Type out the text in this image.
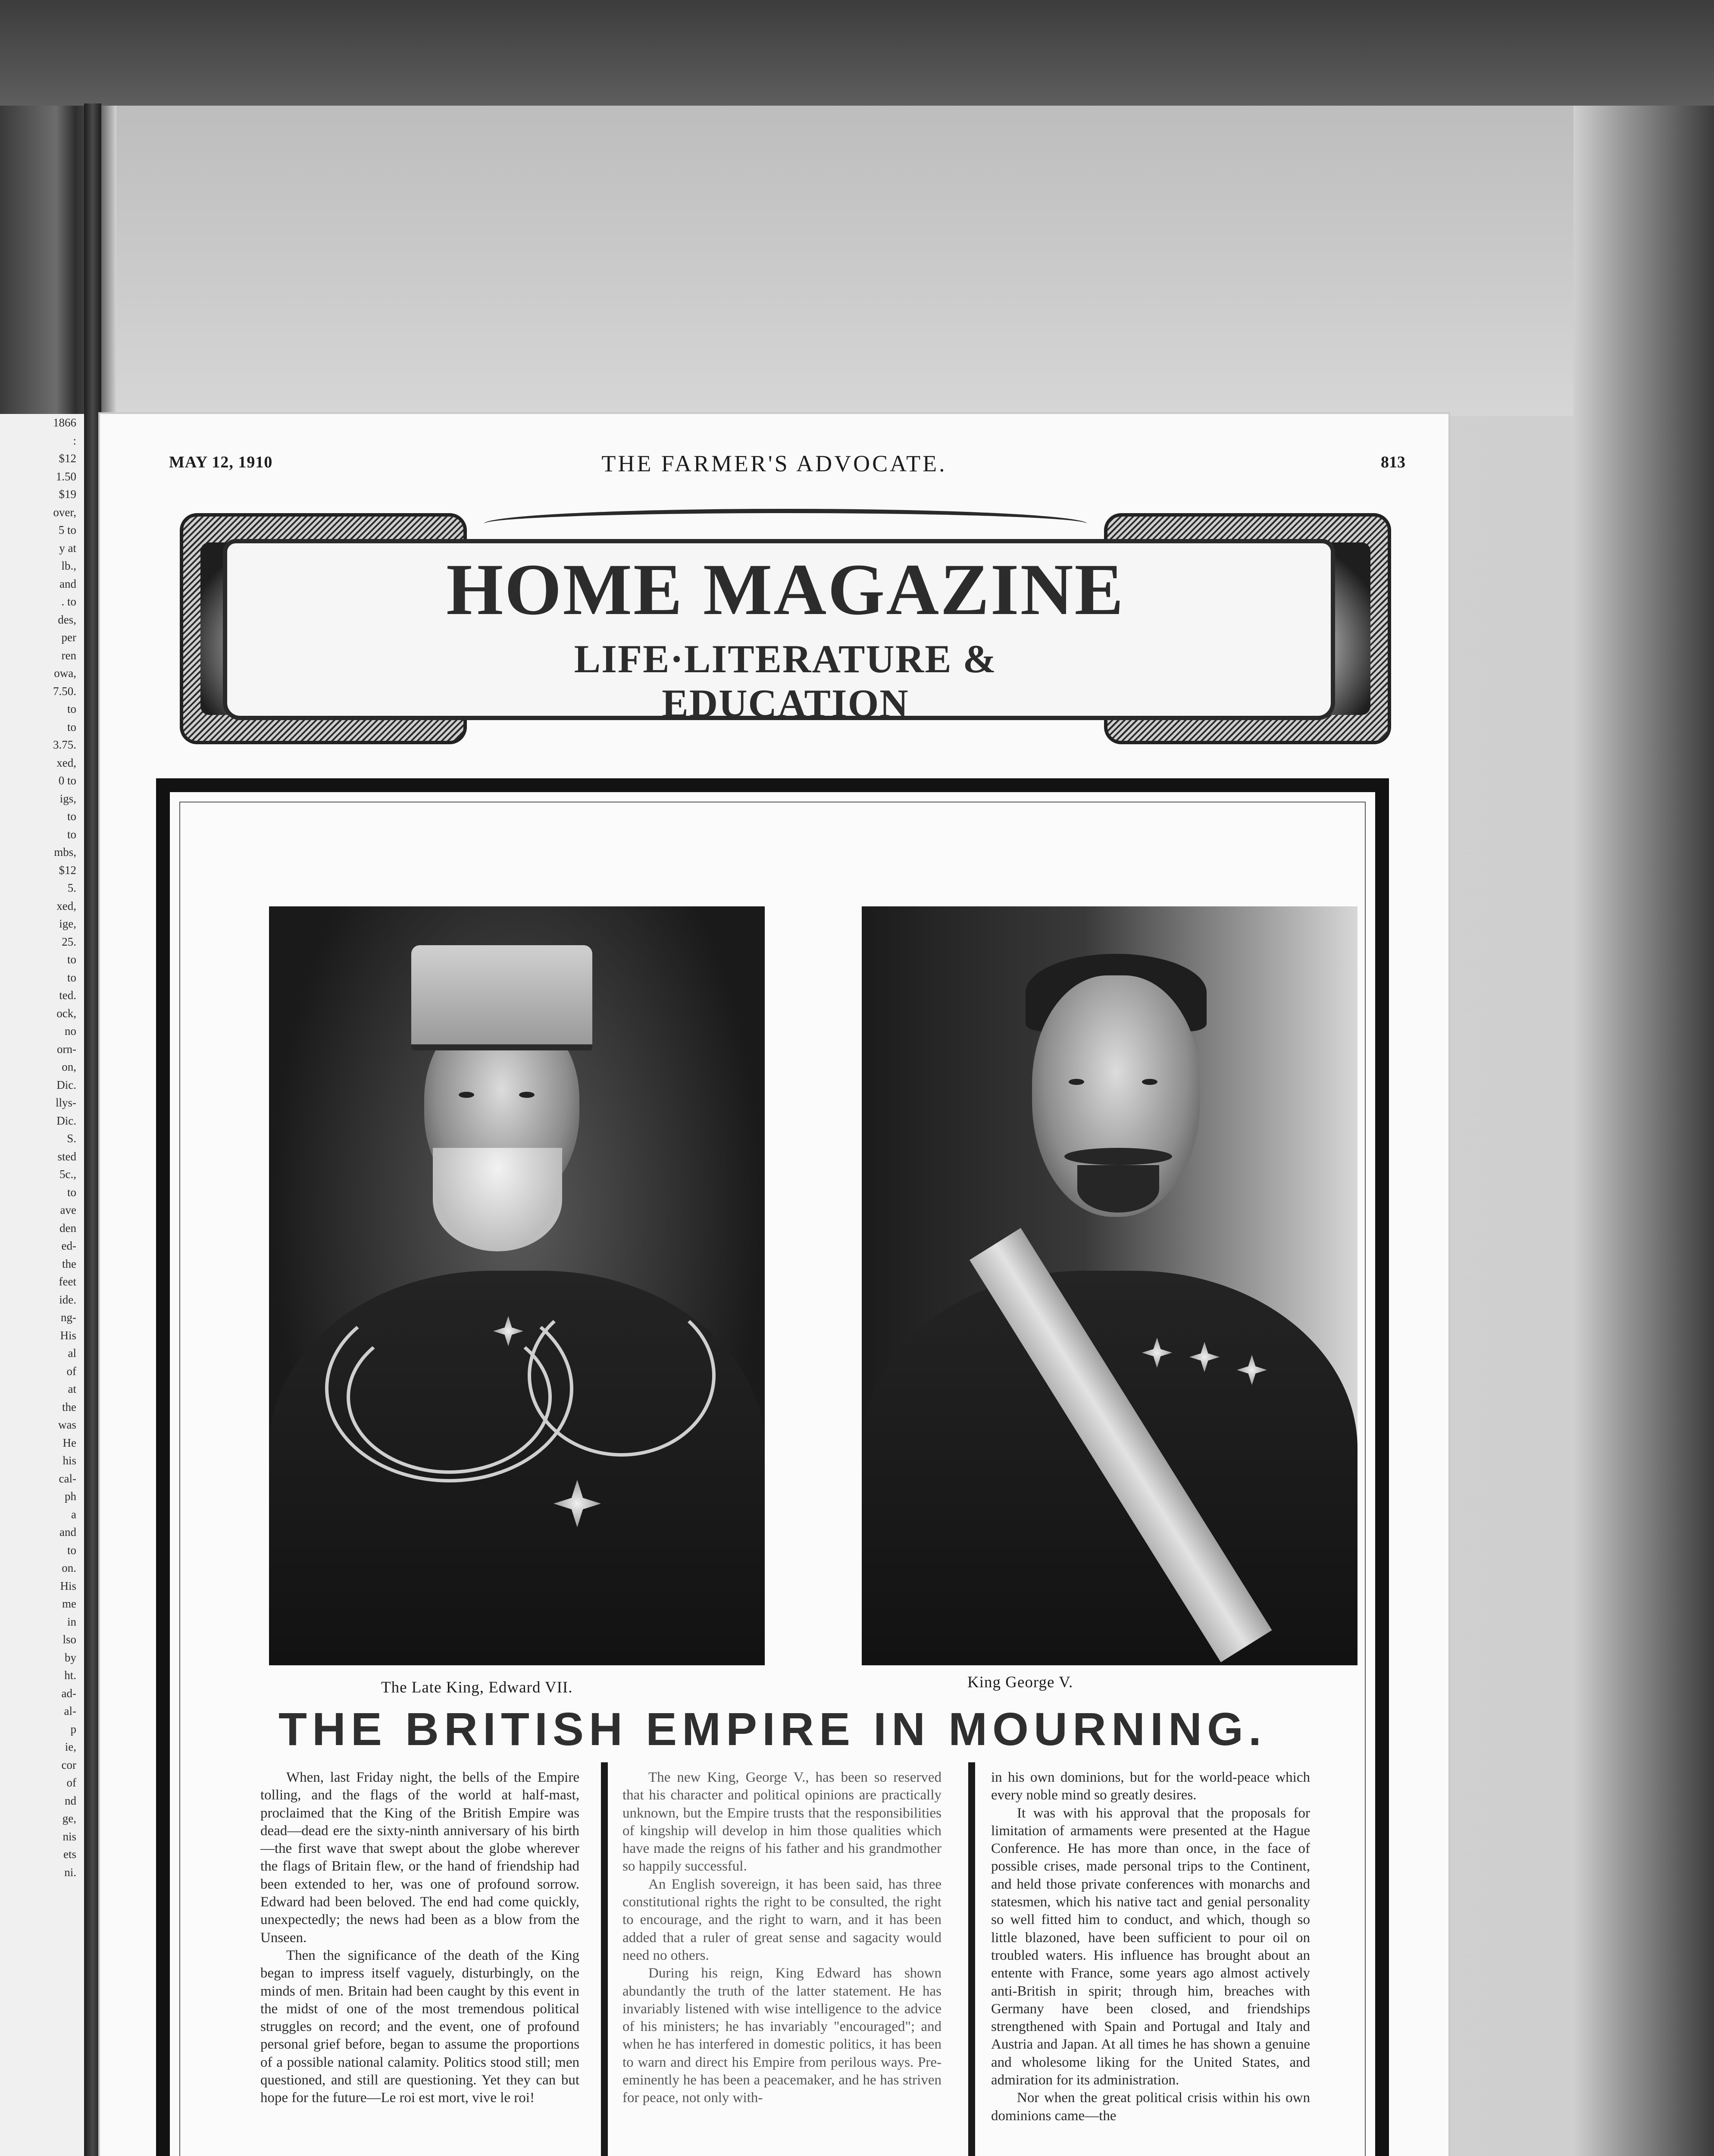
1866
:
$12
1.50
$19
over,
5 to
y at
lb.,
and
. to
des,
per
ren
owa,
7.50.
to
to
3.75.
xed,
0 to
igs,
to
to
mbs,
$12
5.
xed,
ige,
25.
to
to
ted.
ock,
no
orn-
on,
Dic.
llys-
Dic.
S.
sted
5c.,
to
ave
den
ed-
the
feet
ide.
ng-
His
al
of
at
the
was
He
his
cal-
ph
a
and
to
on.
His
me
in
lso
by
ht.
ad-
al-
p
ie,
cor
of
nd
ge,
nis
ets
ni.
MAY 12, 1910	THE FARMER'S ADVOCATE.	813
HOME MAGAZINE
LIFE·LITERATURE &
EDUCATION
The Late King, Edward VII.	King George V.
THE BRITISH EMPIRE IN MOURNING.

When, last Friday night, the bells of the Empire tolling, and the flags of the world at half-mast, proclaimed that the King of the British Empire was dead—dead ere the sixty-ninth anniversary of his birth—the first wave that swept about the globe wherever the flags of Britain flew, or the hand of friendship had been extended to her, was one of profound sorrow. Edward had been beloved. The end had come quickly, unexpectedly; the news had been as a blow from the Unseen.

Then the significance of the death of the King began to impress itself vaguely, disturbingly, on the minds of men. Britain had been caught by this event in the midst of one of the most tremendous political struggles on record; and the event, one of profound personal grief before, began to assume the proportions of a possible national calamity. Politics stood still; men questioned, and still are questioning. Yet they can but hope for the future—Le roi est mort, vive le roi!

The new King, George V., has been so reserved that his character and political opinions are practically unknown, but the Empire trusts that the responsibilities of kingship will develop in him those qualities which have made the reigns of his father and his grandmother so happily successful.

An English sovereign, it has been said, has three constitutional rights the right to be consulted, the right to encourage, and the right to warn, and it has been added that a ruler of great sense and sagacity would need no others.

During his reign, King Edward has shown abundantly the truth of the latter statement. He has invariably listened with wise intelligence to the advice of his ministers; he has invariably "encouraged"; and when he has interfered in domestic politics, it has been to warn and direct his Empire from perilous ways. Pre-eminently he has been a peacemaker, and he has striven for peace, not only with-

in his own dominions, but for the world-peace which every noble mind so greatly desires.

It was with his approval that the proposals for limitation of armaments were presented at the Hague Conference. He has more than once, in the face of possible crises, made personal trips to the Continent, and held those private conferences with monarchs and statesmen, which his native tact and genial personality so well fitted him to conduct, and which, though so little blazoned, have been sufficient to pour oil on troubled waters. His influence has brought about an entente with France, some years ago almost actively anti-British in spirit; through him, breaches with Germany have been closed, and friendships strengthened with Spain and Portugal and Italy and Austria and Japan. At all times he has shown a genuine and wholesome liking for the United States, and admiration for its administration.

Nor when the great political crisis within his own dominions came—the
